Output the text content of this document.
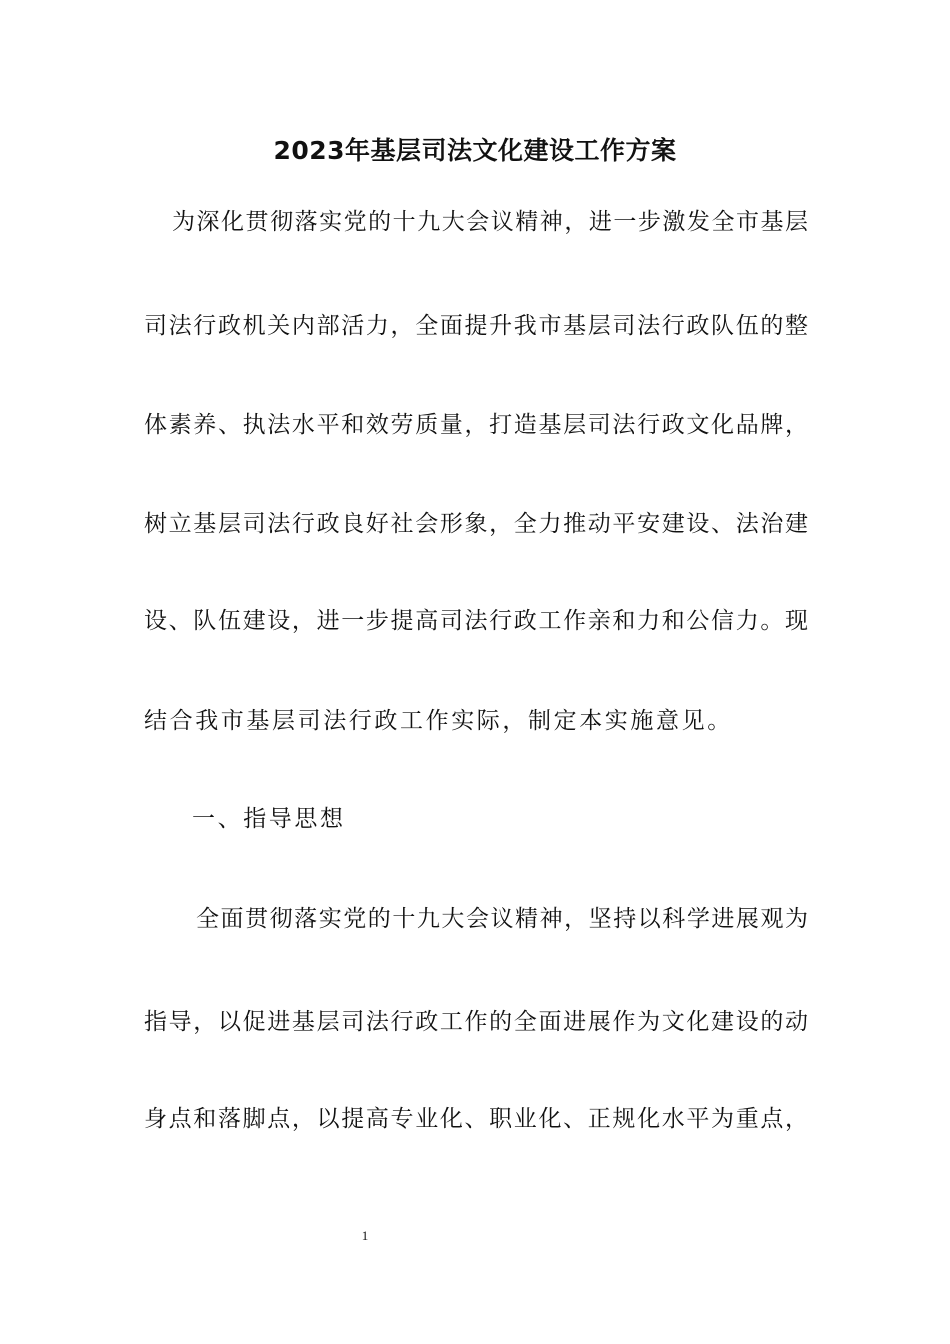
2023年基层司法文化建设工作方案

为深化贯彻落实党的十九大会议精神，进一步激发全市基层

司法行政机关内部活力，全面提升我市基层司法行政队伍的整

体素养、执法水平和效劳质量，打造基层司法行政文化品牌，

树立基层司法行政良好社会形象，全力推动平安建设、法治建

设、队伍建设，进一步提高司法行政工作亲和力和公信力。现

结合我市基层司法行政工作实际，制定本实施意见。

一、指导思想

全面贯彻落实党的十九大会议精神，坚持以科学进展观为

指导，以促进基层司法行政工作的全面进展作为文化建设的动

身点和落脚点，以提高专业化、职业化、正规化水平为重点，

1
